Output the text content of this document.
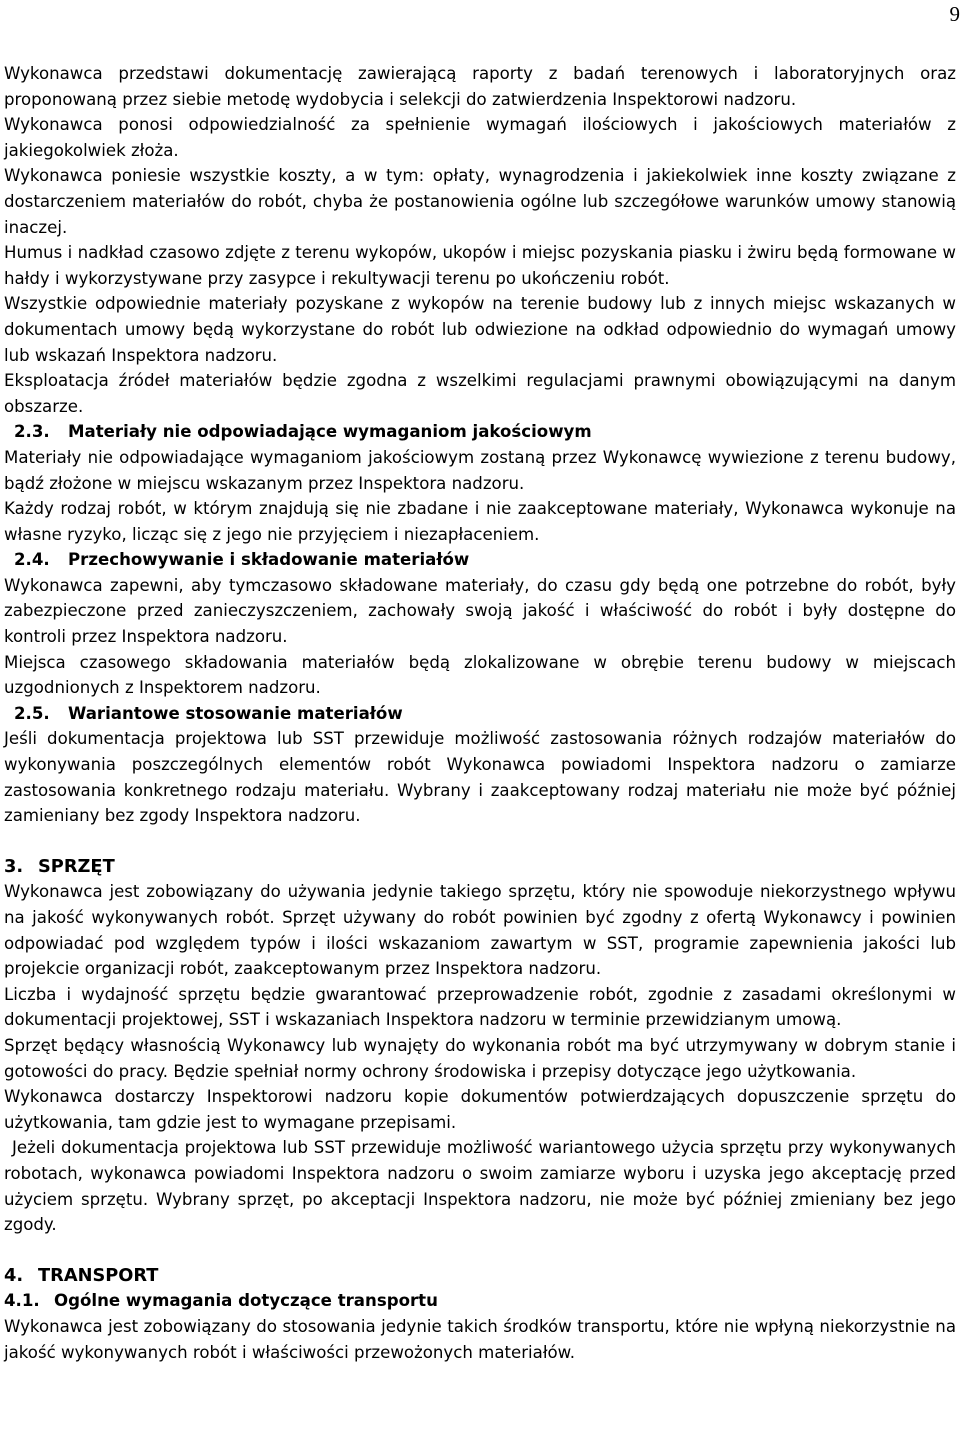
9

Wykonawca przedstawi dokumentację zawierającą raporty z badań terenowych i laboratoryjnych oraz proponowaną przez siebie metodę wydobycia i selekcji do zatwierdzenia Inspektorowi nadzoru.

Wykonawca ponosi odpowiedzialność za spełnienie wymagań ilościowych i jakościowych materiałów z jakiegokolwiek złoża.

Wykonawca poniesie wszystkie koszty, a w tym: opłaty, wynagrodzenia i jakiekolwiek inne koszty związane z dostarczeniem materiałów do robót, chyba że postanowienia ogólne lub szczegółowe warunków umowy stanowią inaczej.

Humus i nadkład czasowo zdjęte z terenu wykopów, ukopów i miejsc pozyskania piasku i żwiru będą formowane w hałdy i wykorzystywane przy zasypce i rekultywacji terenu po ukończeniu robót.

Wszystkie odpowiednie materiały pozyskane z wykopów na terenie budowy lub z innych miejsc wskazanych w dokumentach umowy będą wykorzystane do robót lub odwiezione na odkład odpowiednio do wymagań umowy lub wskazań Inspektora nadzoru.

Eksploatacja źródeł materiałów będzie zgodna z wszelkimi regulacjami prawnymi obowiązującymi na danym obszarze.

2.3. Materiały nie odpowiadające wymaganiom jakościowym

Materiały nie odpowiadające wymaganiom jakościowym zostaną przez Wykonawcę wywiezione z terenu budowy, bądź złożone w miejscu wskazanym przez Inspektora nadzoru.

Każdy rodzaj robót, w którym znajdują się nie zbadane i nie zaakceptowane materiały, Wykonawca wykonuje na własne ryzyko, licząc się z jego nie przyjęciem i niezapłaceniem.

2.4. Przechowywanie i składowanie materiałów

Wykonawca zapewni, aby tymczasowo składowane materiały, do czasu gdy będą one potrzebne do robót, były zabezpieczone przed zanieczyszczeniem, zachowały swoją jakość i właściwość do robót i były dostępne do kontroli przez Inspektora nadzoru.

Miejsca czasowego składowania materiałów będą zlokalizowane w obrębie terenu budowy w miejscach uzgodnionych z Inspektorem nadzoru.

2.5. Wariantowe stosowanie materiałów

Jeśli dokumentacja projektowa lub SST przewiduje możliwość zastosowania różnych rodzajów materiałów do wykonywania poszczególnych elementów robót Wykonawca powiadomi Inspektora nadzoru o zamiarze zastosowania konkretnego rodzaju materiału. Wybrany i zaakceptowany rodzaj materiału nie może być później zamieniany bez zgody Inspektora nadzoru.

3. SPRZĘT

Wykonawca jest zobowiązany do używania jedynie takiego sprzętu, który nie spowoduje niekorzystnego wpływu na jakość wykonywanych robót. Sprzęt używany do robót powinien być zgodny z ofertą Wykonawcy i powinien odpowiadać pod względem typów i ilości wskazaniom zawartym w SST, programie zapewnienia jakości lub projekcie organizacji robót, zaakceptowanym przez Inspektora nadzoru.

Liczba i wydajność sprzętu będzie gwarantować przeprowadzenie robót, zgodnie z zasadami określonymi w dokumentacji projektowej, SST i wskazaniach Inspektora nadzoru w terminie przewidzianym umową.

Sprzęt będący własnością Wykonawcy lub wynajęty do wykonania robót ma być utrzymywany w dobrym stanie i gotowości do pracy. Będzie spełniał normy ochrony środowiska i przepisy dotyczące jego użytkowania.

Wykonawca dostarczy Inspektorowi nadzoru kopie dokumentów potwierdzających dopuszczenie sprzętu do użytkowania, tam gdzie jest to wymagane przepisami.

Jeżeli dokumentacja projektowa lub SST przewiduje możliwość wariantowego użycia sprzętu przy wykonywanych robotach, wykonawca powiadomi Inspektora nadzoru o swoim zamiarze wyboru i uzyska jego akceptację przed użyciem sprzętu. Wybrany sprzęt, po akceptacji Inspektora nadzoru, nie może być później zmieniany bez jego zgody.

4. TRANSPORT
4.1. Ogólne wymagania dotyczące transportu

Wykonawca jest zobowiązany do stosowania jedynie takich środków transportu, które nie wpłyną niekorzystnie na jakość wykonywanych robót i właściwości przewożonych materiałów.
